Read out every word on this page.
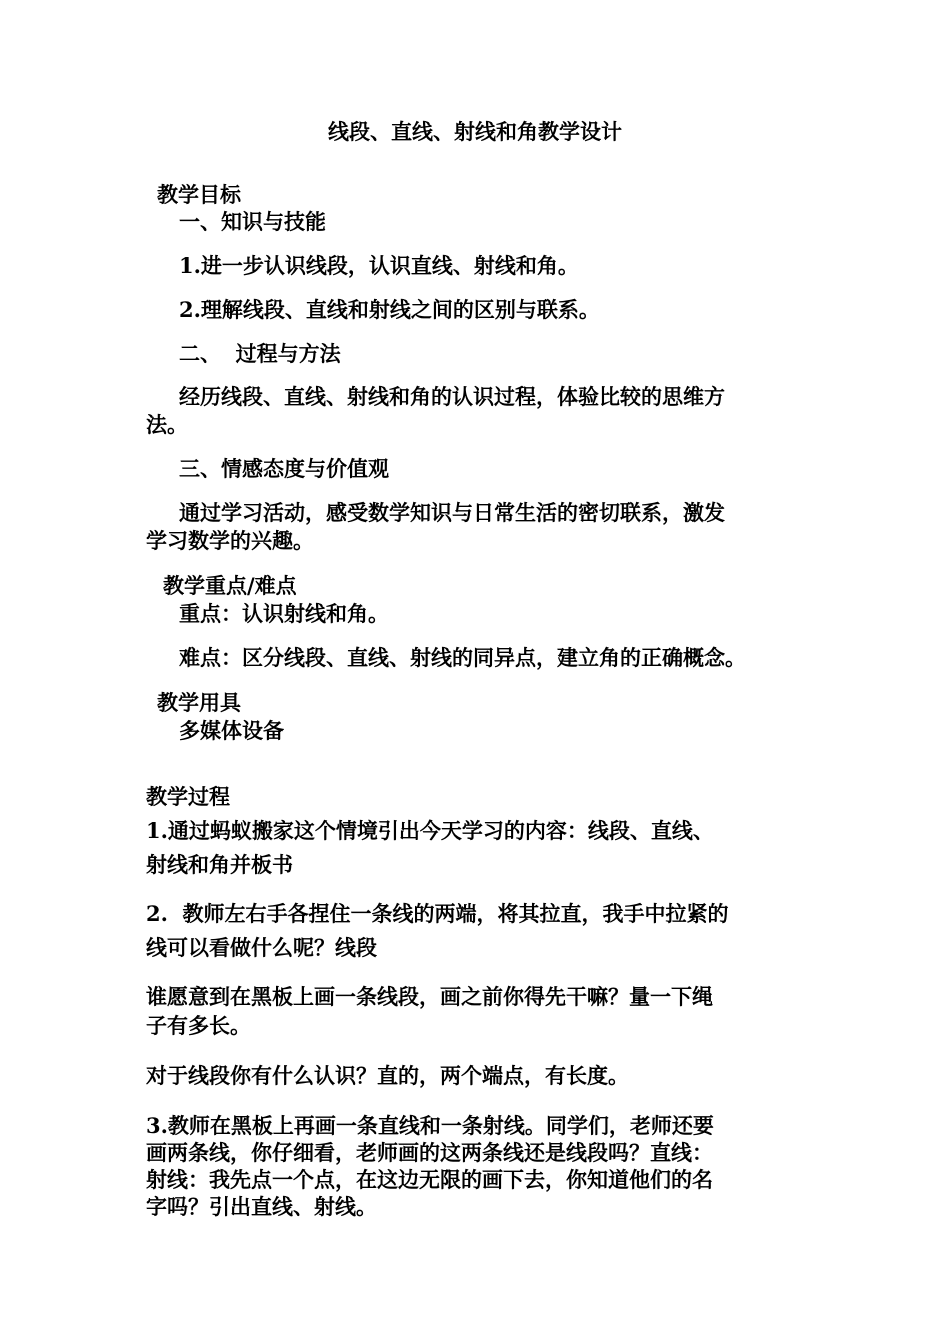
线段、直线、射线和角教学设计
教学目标
一、知识与技能
1.进一步认识线段，认识直线、射线和角。
2.理解线段、直线和射线之间的区别与联系。
二、  过程与方法
经历线段、直线、射线和角的认识过程，体验比较的思维方
法。
三、情感态度与价值观
通过学习活动，感受数学知识与日常生活的密切联系，激发
学习数学的兴趣。
教学重点/难点
重点：认识射线和角。
难点：区分线段、直线、射线的同异点，建立角的正确概念。
教学用具
多媒体设备
教学过程
1.通过蚂蚁搬家这个情境引出今天学习的内容：线段、直线、
射线和角并板书
2.  教师左右手各捏住一条线的两端，将其拉直，我手中拉紧的
线可以看做什么呢？线段
谁愿意到在黑板上画一条线段，画之前你得先干嘛？量一下绳
子有多长。
对于线段你有什么认识？直的，两个端点，有长度。
3.教师在黑板上再画一条直线和一条射线。同学们，老师还要
画两条线，你仔细看，老师画的这两条线还是线段吗？直线：
射线：我先点一个点，在这边无限的画下去，你知道他们的名
字吗？引出直线、射线。
